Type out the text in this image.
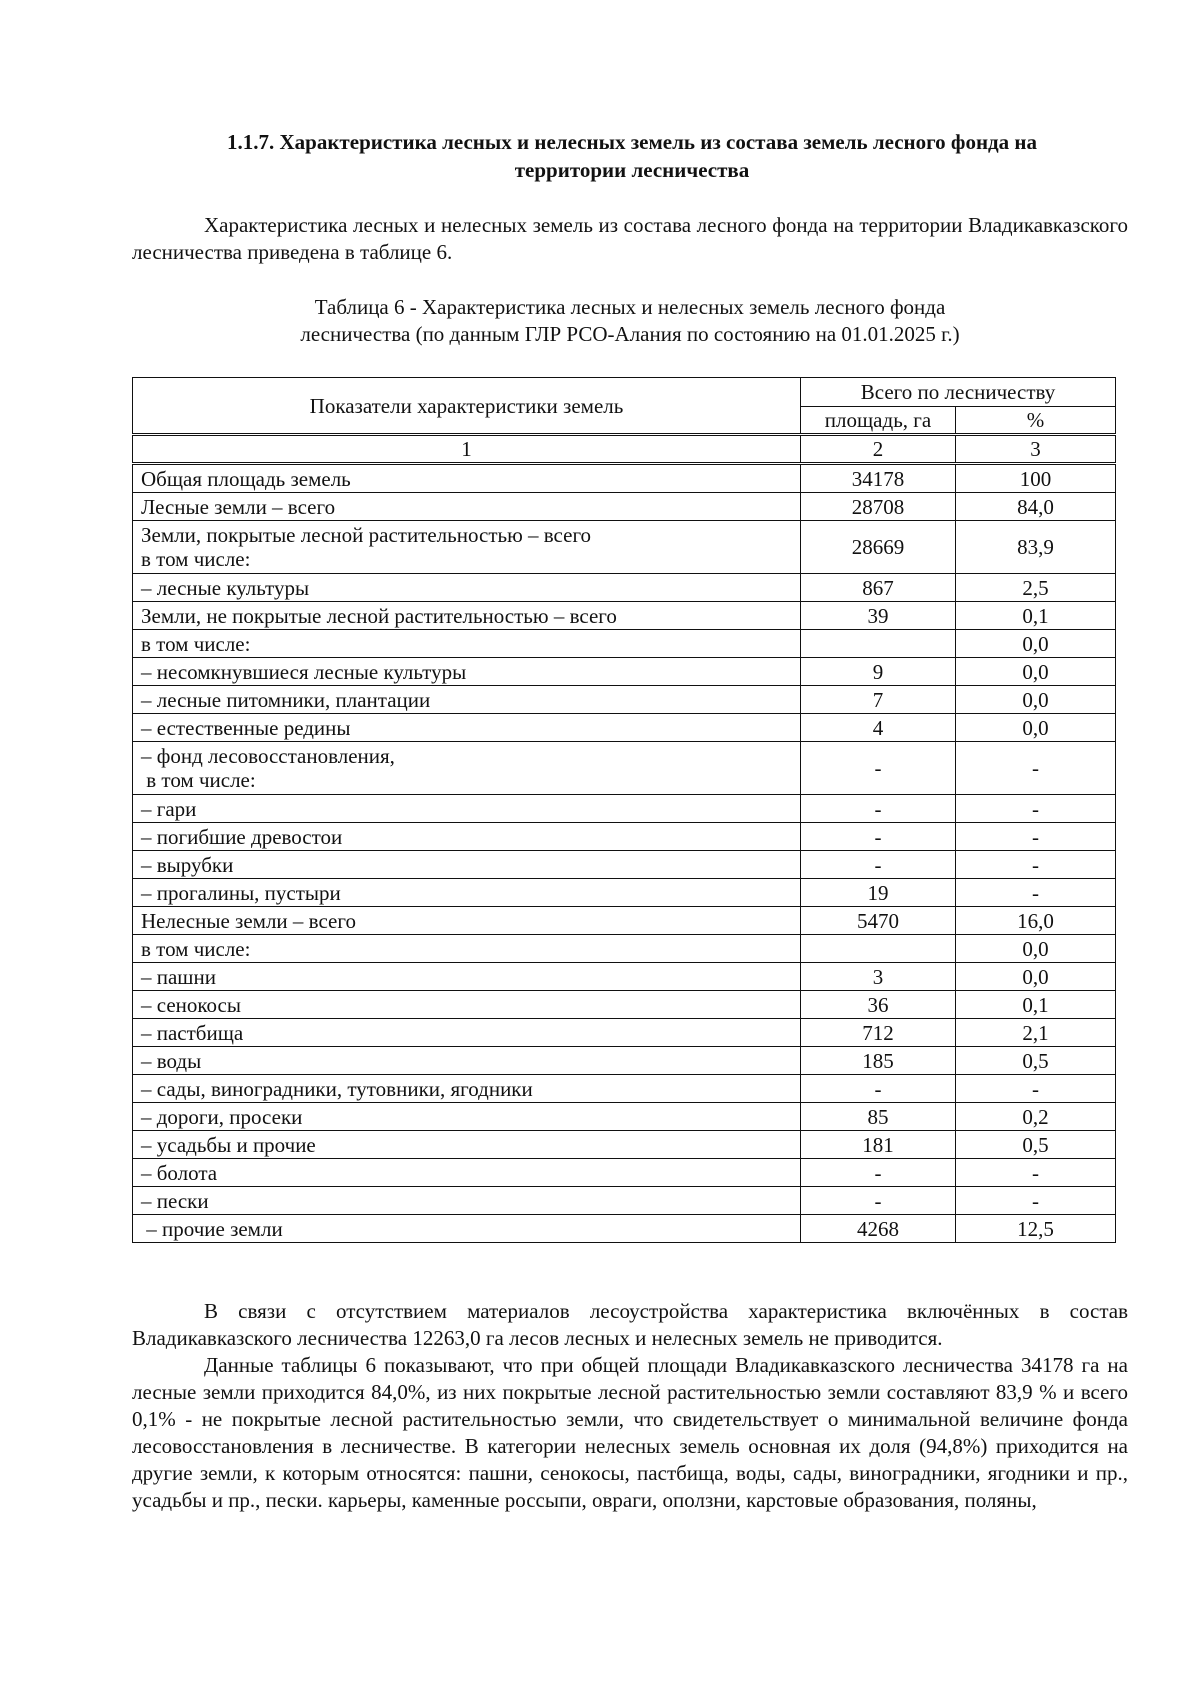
1.1.7. Характеристика лесных и нелесных земель из состава земель лесного фонда на
территории лесничества

Характеристика лесных и нелесных земель из состава лесного фонда на территории Владикавказского лесничества приведена в таблице 6.

Таблица 6 - Характеристика лесных и нелесных земель лесного фонда
лесничества (по данным ГЛР РСО-Алания по состоянию на 01.01.2025 г.)
Показатели характеристики земель	Всего по лесничеству	
	площадь, га	%
1	2	3

Общая площадь земель	34178	100

Лесные земли – всего	28708	84,0

Земли, покрытые лесной растительностью – всего
в том числе:	28669	83,9

– лесные культуры	867	2,5

Земли, не покрытые лесной растительностью – всего	39	0,1

в том числе:		0,0

– несомкнувшиеся лесные культуры	9	0,0

– лесные питомники, плантации	7	0,0

– естественные редины	4	0,0

– фонд лесовосстановления,
в том числе:	-	-

– гари	-	-

– погибшие древостои	-	-

– вырубки	-	-

– прогалины, пустыри	19	-

Нелесные земли – всего	5470	16,0

в том числе:		0,0

– пашни	3	0,0

– сенокосы	36	0,1

– пастбища	712	2,1

– воды	185	0,5

– сады, виноградники, тутовники, ягодники	-	-

– дороги, просеки	85	0,2

– усадьбы и прочие	181	0,5

– болота	-	-

– пески	-	-

– прочие земли	4268	12,5

В связи с отсутствием материалов лесоустройства характеристика включённых в состав Владикавказского лесничества 12263,0 га лесов лесных и нелесных земель не приводится.

Данные таблицы 6 показывают, что при общей площади Владикавказского лесничества 34178 га на лесные земли приходится 84,0%, из них покрытые лесной растительностью земли составляют 83,9 % и всего 0,1% - не покрытые лесной растительностью земли, что свидетельствует о минимальной величине фонда лесовосстановления в лесничестве. В категории нелесных земель основная их доля (94,8%) приходится на другие земли, к которым относятся: пашни, сенокосы, пастбища, воды, сады, виноградники, ягодники и пр., усадьбы и пр., пески. карьеры, каменные россыпи, овраги, оползни, карстовые образования, поляны,
